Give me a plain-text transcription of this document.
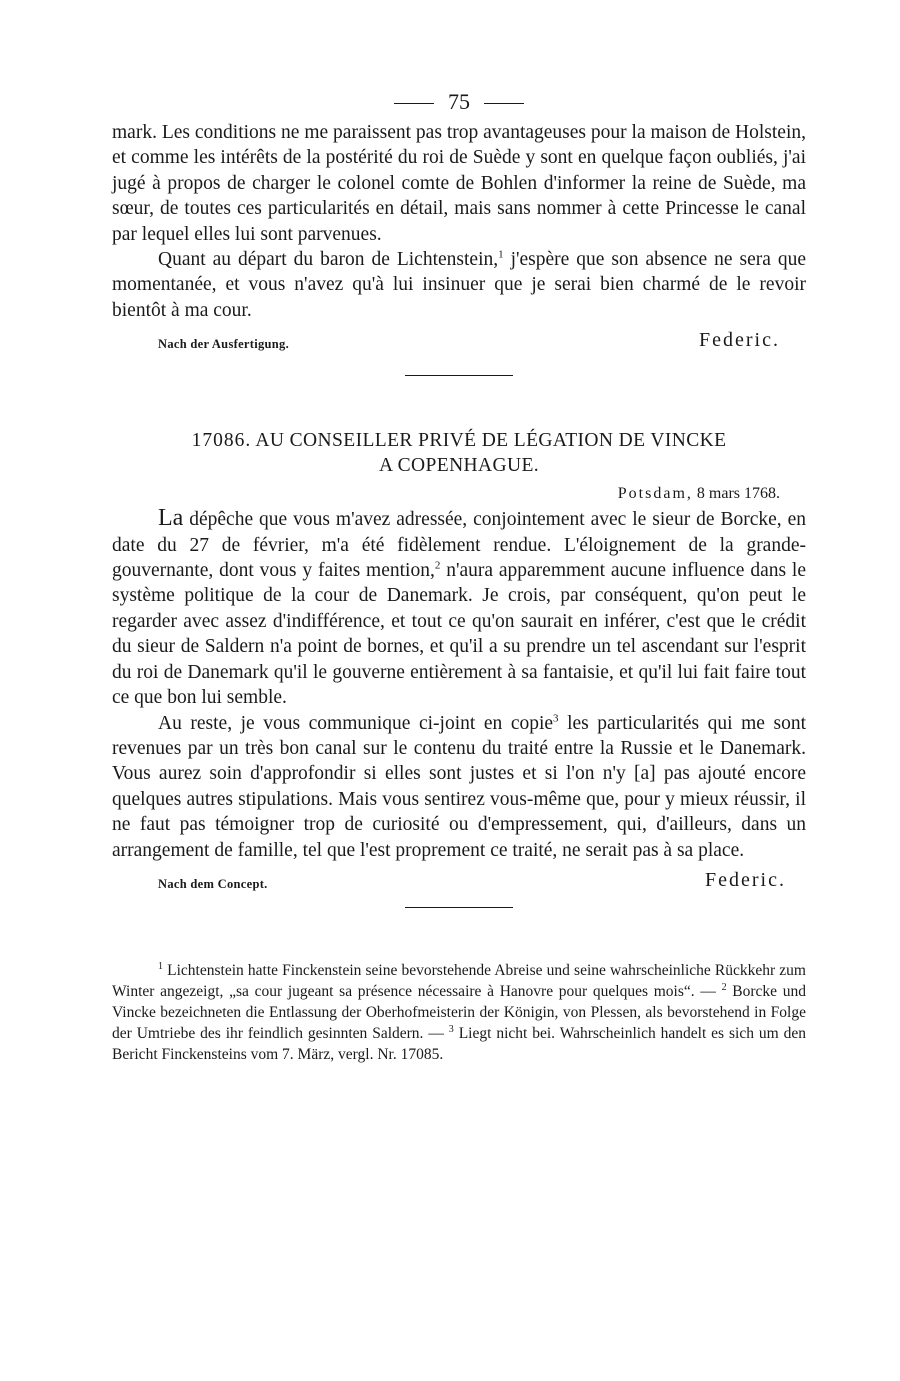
75

mark. Les conditions ne me paraissent pas trop avantageuses pour la maison de Holstein, et comme les intérêts de la postérité du roi de Suède y sont en quelque façon oubliés, j'ai jugé à propos de charger le colonel comte de Bohlen d'informer la reine de Suède, ma sœur, de toutes ces particularités en détail, mais sans nommer à cette Princesse le canal par lequel elles lui sont parvenues.

Quant au départ du baron de Lichtenstein,$^1$ j'espère que son absence ne sera que momentanée, et vous n'avez qu'à lui insinuer que je serai bien charmé de le revoir bientôt à ma cour.

Nach der Ausfertigung.	Federic.
17086. AU CONSEILLER PRIVÉ DE LÉGATION DE VINCKE
A COPENHAGUE.
Potsdam, 8 mars 1768.

La dépêche que vous m'avez adressée, conjointement avec le sieur de Borcke, en date du 27 de février, m'a été fidèlement rendue. L'éloignement de la grande-gouvernante, dont vous y faites mention,$^2$ n'aura apparemment aucune influence dans le système politique de la cour de Danemark. Je crois, par conséquent, qu'on peut le regarder avec assez d'indifférence, et tout ce qu'on saurait en inférer, c'est que le crédit du sieur de Saldern n'a point de bornes, et qu'il a su prendre un tel ascendant sur l'esprit du roi de Danemark qu'il le gouverne entièrement à sa fantaisie, et qu'il lui fait faire tout ce que bon lui semble.

Au reste, je vous communique ci-joint en copie$^3$ les particularités qui me sont revenues par un très bon canal sur le contenu du traité entre la Russie et le Danemark. Vous aurez soin d'approfondir si elles sont justes et si l'on n'y [a] pas ajouté encore quelques autres stipulations. Mais vous sentirez vous-même que, pour y mieux réussir, il ne faut pas témoigner trop de curiosité ou d'empressement, qui, d'ailleurs, dans un arrangement de famille, tel que l'est proprement ce traité, ne serait pas à sa place.

Nach dem Concept.	Federic.
$^1$ Lichtenstein hatte Finckenstein seine bevorstehende Abreise und seine wahrscheinliche Rückkehr zum Winter angezeigt, „sa cour jugeant sa présence nécessaire à Hanovre pour quelques mois“. — $^2$ Borcke und Vincke bezeichneten die Entlassung der Oberhofmeisterin der Königin, von Plessen, als bevorstehend in Folge der Umtriebe des ihr feindlich gesinnten Saldern. — $^3$ Liegt nicht bei. Wahrscheinlich handelt es sich um den Bericht Finckensteins vom 7. März, vergl. Nr. 17085.
